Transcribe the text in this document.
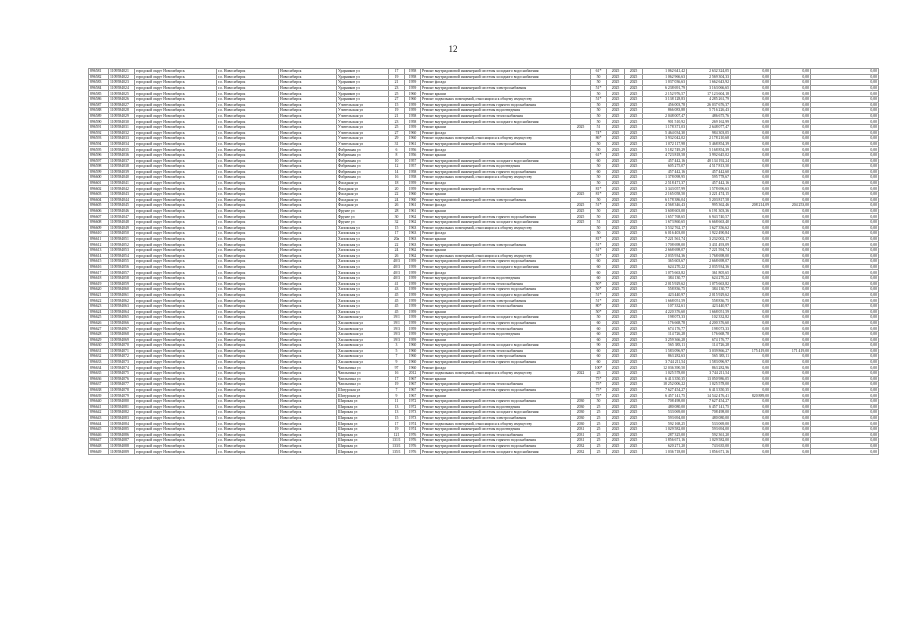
12
896581	1109584021	городской округ Новосибирск	г.о. Новосибирск	Новосибирск	Ударников ул	17	1958	Ремонт внутридомовой инженерной системы холодного водоснабжения		61*	2025	2025	1 062 641,42	2 632 324,05	0,00	0,00	0,00
896582	1109584022	городской округ Новосибирск	г.о. Новосибирск	Новосибирск	Ударников ул	19	1958	Ремонт внутридомовой инженерной системы холодного водоснабжения		50	2025	2025	1 062 966,63	2 569 304,33	0,00	0,00	0,00
896583	1109584023	городской округ Новосибирск	г.о. Новосибирск	Новосибирск	Ударников ул	21	1959	Ремонт фасада		50	2025	2025	1 037 036,63	1 662 643,92	0,00	0,00	0,00
896584	1109584024	городской округ Новосибирск	г.о. Новосибирск	Новосибирск	Ударников ул	23	1959	Ремонт внутридомовой инженерной системы электроснабжения		51*	2025	2025	6 238 691,79	3 163 066,65	0,00	0,00	0,00
896585	1109584025	городской округ Новосибирск	г.о. Новосибирск	Новосибирск	Ударников ул	25	1960	Ремонт крыши		50	2025	2025	2 152 976,57	17 123 604,18	0,00	0,00	0,00
896586	1109584026	городской округ Новосибирск	г.о. Новосибирск	Новосибирск	Ударников ул	27	1960	Ремонт подвальных помещений, относящихся к общему имуществу		51*	2025	2025	3 138 128,83	4 285 261,79	0,00	0,00	0,00
896587	1109584027	городской округ Новосибирск	г.о. Новосибирск	Новосибирск	Учительская ул	15	1959	Ремонт внутридомовой инженерной системы горячего водоснабжения		50	2025	2025	456 003,78	26 037 676,37	0,00	0,00	0,00
896588	1109584028	городской округ Новосибирск	г.о. Новосибирск	Новосибирск	Учительская ул	19	1959	Ремонт внутридомовой инженерной системы водоотведения		50	2025	2025	866 083,88	5 716 226,43	0,00	0,00	0,00
896589	1109584029	городской округ Новосибирск	г.о. Новосибирск	Новосибирск	Учительская ул	21	1958	Ремонт внутридомовой инженерной системы теплоснабжения		50	2025	2025	2 048 007,47	486 675,76	0,00	0,00	0,00
896590	1109584030	городской округ Новосибирск	г.о. Новосибирск	Новосибирск	Учительская ул	23	1958	Ремонт внутридомовой инженерной системы холодного водоснабжения		50	2025	2025	901 510,92	269 162,99	0,00	0,00	0,00
896591	1109584031	городской округ Новосибирск	г.о. Новосибирск	Новосибирск	Учительская ул	25	1959	Ремонт крыши	2025	51	2025	2025	1 178 371,03	2 648 077,47	0,00	0,00	0,00
896592	1109584032	городской округ Новосибирск	г.о. Новосибирск	Новосибирск	Учительская ул	27	1960	Ремонт фасада		74*	2025	2025	5 464 034,30	984 303,05	0,00	0,00	0,00
896593	1109584033	городской округ Новосибирск	г.о. Новосибирск	Новосибирск	Учительская ул	29	1960	Ремонт подвальных помещений, относящихся к общему имуществу		86*	2025	2025	3 932 042,02	2 178 210,68	0,00	0,00	0,00
896594	1109584034	городской округ Новосибирск	г.о. Новосибирск	Новосибирск	Учительская ул	31	1961	Ремонт внутридомовой инженерной системы электроснабжения		50	2025	2025	1 072 117,98	5 468 854,39	0,00	0,00	0,00
896595	1109584035	городской округ Новосибирск	г.о. Новосибирск	Новосибирск	Фабричная ул	6	1956	Ремонт фасада		50	2025	2025	5 182 749,29	5 168 854,39	0,00	0,00	0,00
896596	1109584036	городской округ Новосибирск	г.о. Новосибирск	Новосибирск	Фабричная ул	8	1956	Ремонт крыши		61*	2025	2025	4 723 818,58	3 992 645,02	0,00	0,00	0,00
896597	1109584037	городской округ Новосибирск	г.о. Новосибирск	Новосибирск	Фабричная ул	10	1957	Ремонт внутридомовой инженерной системы холодного водоснабжения		60	2025	2025	457 442,16	48 134 192,24	0,00	0,00	0,00
896598	1109584038	городской округ Новосибирск	г.о. Новосибирск	Новосибирск	Фабричная ул	12	1957	Ремонт внутридомовой инженерной системы водоотведения		50	2025	2025	605 275,07	4 517 813,50	0,00	0,00	0,00
896599	1109584039	городской округ Новосибирск	г.о. Новосибирск	Новосибирск	Фабричная ул	14	1958	Ремонт внутридомовой инженерной системы горячего водоснабжения		60	2025	2025	457 442,16	457 442,60	0,00	0,00	0,00
896600	1109584040	городской округ Новосибирск	г.о. Новосибирск	Новосибирск	Фабричная ул	16	1958	Ремонт подвальных помещений, относящихся к общему имуществу		50	2025	2025	1 378 098,95	595 778,67	0,00	0,00	0,00
896601	1109584041	городской округ Новосибирск	г.о. Новосибирск	Новосибирск	Фасадная ул	18	1959	Ремонт фасада		50	2025	2025	2 518 471,37	457 442,16	0,00	0,00	0,00
896602	1109584042	городской округ Новосибирск	г.о. Новосибирск	Новосибирск	Фасадная ул	20	1959	Ремонт внутридомовой инженерной системы теплоснабжения		81*	2025	2025	3 343 057,99	1 578 696,63	0,00	0,00	0,00
896603	1109584043	городской округ Новосибирск	г.о. Новосибирск	Новосибирск	Фасадная ул	22	1960	Ремонт крыши	2025	81*	2025	2025	2 165 058,50	3 221 474,15	0,00	0,00	0,00
896604	1109584044	городской округ Новосибирск	г.о. Новосибирск	Новосибирск	Фасадная ул	24	1960	Ремонт внутридомовой инженерной системы электроснабжения		50	2025	2025	6 178 386,04	5 203 817,58	0,00	0,00	0,00
896605	1109584045	городской округ Новосибирск	г.о. Новосибирск	Новосибирск	Фасадная ул	26	1961	Ремонт фасада	2025	51*	2025	2025	4 568 346,43	995 362,46	208 214,09	204 253,00	0,00
896606	1109584046	городской округ Новосибирск	г.о. Новосибирск	Новосибирск	Фрунзе ул	28	1961	Ремонт крыши	2025	50	2025	2025	3 608 603,00	6 191 303,36	0,00	0,00	0,00
896607	1109584047	городской округ Новосибирск	г.о. Новосибирск	Новосибирск	Фрунзе ул	30	1962	Ремонт внутридомовой инженерной системы горячего водоснабжения	2025	50	2025	2025	1 657 768,65	6 943 740,57	0,00	0,00	0,00
896608	1109584048	городской округ Новосибирск	г.о. Новосибирск	Новосибирск	Фрунзе ул	32	1962	Ремонт внутридомовой инженерной системы холодного водоснабжения	2025	51	2025	2025	1 673 860,65	6 668 663,40	0,00	0,00	0,00
896609	1109584049	городской округ Новосибирск	г.о. Новосибирск	Новосибирск	Хилокская ул	15	1963	Ремонт подвальных помещений, относящихся к общему имуществу		50	2025	2025	3 532 762,17	1 627 356,62	0,00	0,00	0,00
896610	1109584050	городской округ Новосибирск	г.о. Новосибирск	Новосибирск	Хилокская ул	17	1963	Ремонт фасада		50	2025	2025	6 016 403,00	1 922 490,84	0,00	0,00	0,00
896611	1109584051	городской округ Новосибирск	г.о. Новосибирск	Новосибирск	Хилокская ул	20a	1963	Ремонт крыши		81*	2025	2025	7 221 561,74	3 232 002,17	0,00	0,00	0,00
896612	1109584052	городской округ Новосибирск	г.о. Новосибирск	Новосибирск	Хилокская ул	22	1963	Ремонт внутридомовой инженерной системы электроснабжения		51*	2025	2025	1 708 698,00	3 431 493,09	0,00	0,00	0,00
896613	1109584053	городской округ Новосибирск	г.о. Новосибирск	Новосибирск	Хилокская ул	24	1962	Ремонт крыши		61*	2025	2025	2 668 698,07	7 221 594,74	0,00	0,00	0,00
896614	1109584054	городской округ Новосибирск	г.о. Новосибирск	Новосибирск	Хилокская ул	26	1962	Ремонт подвальных помещений, относящихся к общему имуществу		51*	2025	2025	2 035 934,36	1 768 698,00	0,00	0,00	0,00
896615	1109584055	городской округ Новосибирск	г.о. Новосибирск	Новосибирск	Хилокская ул	40/3	1959	Ремонт внутридомовой инженерной системы горячего водоснабжения		60	2025	2025	365 603,67	2 668 698,07	0,00	0,00	0,00
896616	1109584056	городской округ Новосибирск	г.о. Новосибирск	Новосибирск	Хилокская ул	40/3	1959	Ремонт внутридомовой инженерной системы холодного водоснабжения		60	2025	2025	624 270,22	2 035 934,36	0,00	0,00	0,00
896617	1109584057	городской округ Новосибирск	г.о. Новосибирск	Новосибирск	Хилокская ул	40/3	1959	Ремонт фасада		60	2025	2025	1 075 663,82	361 805,65	0,00	0,00	0,00
896618	1109584058	городской округ Новосибирск	г.о. Новосибирск	Новосибирск	Хилокская ул	40/3	1959	Ремонт внутридомовой инженерной системы водоотведения		60	2025	2025	384 130,77	624 270,22	0,00	0,00	0,00
896619	1109584059	городской округ Новосибирск	г.о. Новосибирск	Новосибирск	Хилокская ул	41	1959	Ремонт внутридомовой инженерной системы теплоснабжения		50*	2025	2025	2 015 929,62	1 075 663,82	0,00	0,00	0,00
896620	1109584060	городской округ Новосибирск	г.о. Новосибирск	Новосибирск	Хилокская ул	43	1959	Ремонт внутридомовой инженерной системы горячего водоснабжения		50*	2025	2025	558 836,75	384 130,77	0,00	0,00	0,00
896621	1109584061	городской округ Новосибирск	г.о. Новосибирск	Новосибирск	Хилокская ул	45	1959	Ремонт внутридомовой инженерной системы холодного водоснабжения		51*	2025	2025	423 440,97	2 015 929,62	0,00	0,00	0,00
896622	1109584062	городской округ Новосибирск	г.о. Новосибирск	Новосибирск	Хилокская ул	45	1959	Ремонт внутридомовой инженерной системы электроснабжения		51*	2025	2025	1 668 051,59	558 836,75	0,00	0,00	0,00
896623	1109584063	городской округ Новосибирск	г.о. Новосибирск	Новосибирск	Хилокская ул	45	1959	Ремонт внутридомовой инженерной системы теплоснабжения		80*	2025	2025	107 332,61	423 440,97	0,00	0,00	0,00
896624	1109584064	городской округ Новосибирск	г.о. Новосибирск	Новосибирск	Хилокская ул	45	1959	Ремонт крыши		50*	2025	2025	4 220 376,60	1 668 051,59	0,00	0,00	0,00
896625	1109584065	городской округ Новосибирск	г.о. Новосибирск	Новосибирск	Хасановская ул	19/1	1959	Ремонт внутридомовой инженерной системы холодного водоснабжения		50	2025	2025	198 073,33	102 332,82	0,00	0,00	0,00
896626	1109584066	городской округ Новосибирск	г.о. Новосибирск	Новосибирск	Хасановская ул	19/1	1959	Ремонт внутридомовой инженерной системы горячего водоснабжения		60	2025	2025	176 668,78	4 200 376,60	0,00	0,00	0,00
896627	1109584067	городской округ Новосибирск	г.о. Новосибирск	Новосибирск	Хасановская ул	19/3	1959	Ремонт внутридомовой инженерной системы теплоснабжения		60	2025	2025	674 176,77	198 073,33	0,00	0,00	0,00
896628	1109584068	городской округ Новосибирск	г.о. Новосибирск	Новосибирск	Хасановская ул	19/3	1959	Ремонт внутридомовой инженерной системы водоотведения		60	2025	2025	114 726,28	176 668,78	0,00	0,00	0,00
896629	1109584069	городской округ Новосибирск	г.о. Новосибирск	Новосибирск	Хасановская ул	19/3	1959	Ремонт крыши		60	2025	2025	3 259 366,28	674 176,77	0,00	0,00	0,00
896630	1109584070	городской округ Новосибирск	г.о. Новосибирск	Новосибирск	Хасановская ул	3	1960	Ремонт внутридомовой инженерной системы холодного водоснабжения		90	2025	2025	565 383,11	114 726,28	0,00	0,00	0,00
896631	1109584071	городской округ Новосибирск	г.о. Новосибирск	Новосибирск	Хасановская ул	5	1960	Ремонт внутридомовой инженерной системы теплоснабжения		60	2025	2025	1 583 096,97	3 039 866,27	175 419,00	171 419,00	0,00
896632	1109584072	городской округ Новосибирск	г.о. Новосибирск	Новосибирск	Хасановская ул	7	1960	Ремонт внутридомовой инженерной системы электроснабжения		60	2025	2025	863 282,63	565 383,11	0,00	0,00	0,00
896633	1109584073	городской округ Новосибирск	г.о. Новосибирск	Новосибирск	Хасановская ул	9	1960	Ремонт внутридомовой инженерной системы горячего водоснабжения		60	2025	2025	3 744 211,54	1 583 096,97	0,00	0,00	0,00
896634	1109584074	городской округ Новосибирск	г.о. Новосибирск	Новосибирск	Чаплыгина ул	97	1960	Ремонт фасада		100*	2025	2025	12 036 390,50	863 282,96	0,00	0,00	0,00
896635	1109584075	городской округ Новосибирск	г.о. Новосибирск	Новосибирск	Чаплыгина ул	16	2012	Ремонт подвальных помещений, относящихся к общему имуществу	2022	25	2025	2025	1 025 578,00	3 744 211,54	0,00	0,00	0,00
896636	1109584076	городской округ Новосибирск	г.о. Новосибирск	Новосибирск	Чаплыгина ул	17	1967	Ремонт крыши		75*	2025	2025	6 413 350,35	13 050 986,05	0,00	0,00	0,00
896637	1109584077	городской округ Новосибирск	г.о. Новосибирск	Новосибирск	Чаплыгина ул	19	1967	Ремонт внутридомовой инженерной системы теплоснабжения		75*	2025	2025	18 252 006,22	1 025 578,00	0,00	0,00	0,00
896638	1109584078	городской округ Новосибирск	г.о. Новосибирск	Новосибирск	Шатурская ул	7	1967	Ремонт внутридомовой инженерной системы горячего водоснабжения		75*	2025	2025	7 627 454,27	6 413 350,35	0,00	0,00	0,00
896639	1109584079	городской округ Новосибирск	г.о. Новосибирск	Новосибирск	Шатурская ул	9	1967	Ремонт крыши		75*	2025	2025	6 457 141,75	14 542 476,41	820 889,00	0,00	0,00
896640	1109584080	городской округ Новосибирск	г.о. Новосибирск	Новосибирск	Широкая ул	11	1972	Ремонт внутридомовой инженерной системы горячего водоснабжения	2030	50	2025	2025	708 498,00	7 627 454,27	0,00	0,00	0,00
896641	1109584081	городской округ Новосибирск	г.о. Новосибирск	Новосибирск	Широкая ул	13	1972	Ремонт внутридомовой инженерной системы водоотведения	2030	25	2025	2025	480 080,00	6 457 141,75	0,00	0,00	0,00
896642	1109584082	городской округ Новосибирск	г.о. Новосибирск	Новосибирск	Широкая ул	13	1973	Ремонт внутридомовой инженерной системы холодного водоснабжения	2030	25	2025	2025	533 069,00	708 498,00	0,00	0,00	0,00
896643	1109584083	городской округ Новосибирск	г.о. Новосибирск	Новосибирск	Широкая ул	15	1973	Ремонт внутридомовой инженерной системы электроснабжения	2030	25	2025	2025	593 694,00	480 080,00	0,00	0,00	0,00
896644	1109584084	городской округ Новосибирск	г.о. Новосибирск	Новосибирск	Широкая ул	17	1974	Ремонт подвальных помещений, относящихся к общему имуществу	2030	25	2025	2025	592 168,25	533 069,00	0,00	0,00	0,00
896645	1109584085	городской округ Новосибирск	г.о. Новосибирск	Новосибирск	Широкая ул	19	1974	Ремонт внутридомовой инженерной системы водоотведения	2031	25	2025	2025	1 029 582,00	593 694,00	0,00	0,00	0,00
896646	1109584086	городской округ Новосибирск	г.о. Новосибирск	Новосибирск	Широкая ул	121	1976	Ремонт внутридомовой инженерной системы теплоснабжения	2031	25	2025	2025	287 325,00	592 361,20	0,00	0,00	0,00
896647	1109584087	городской округ Новосибирск	г.о. Новосибирск	Новосибирск	Широкая ул	131/1	1976	Ремонт внутридомовой инженерной системы горячего водоснабжения	2031	25	2025	2025	1 856 671,16	1 029 582,00	0,00	0,00	0,00
896648	1109584088	городской округ Новосибирск	г.о. Новосибирск	Новосибирск	Широкая ул	133/1	1976	Ремонт внутридомовой инженерной системы горячего водоснабжения	2032	25	2025	2025	620 271,20	743 635,00	0,00	0,00	0,00
896649	1109584089	городской округ Новосибирск	г.о. Новосибирск	Новосибирск	Широкая ул	135/1	1976	Ремонт внутридомовой инженерной системы холодного водоснабжения	2032	25	2025	2025	1 036 718,00	1 856 671,16	0,00	0,00	0,00
